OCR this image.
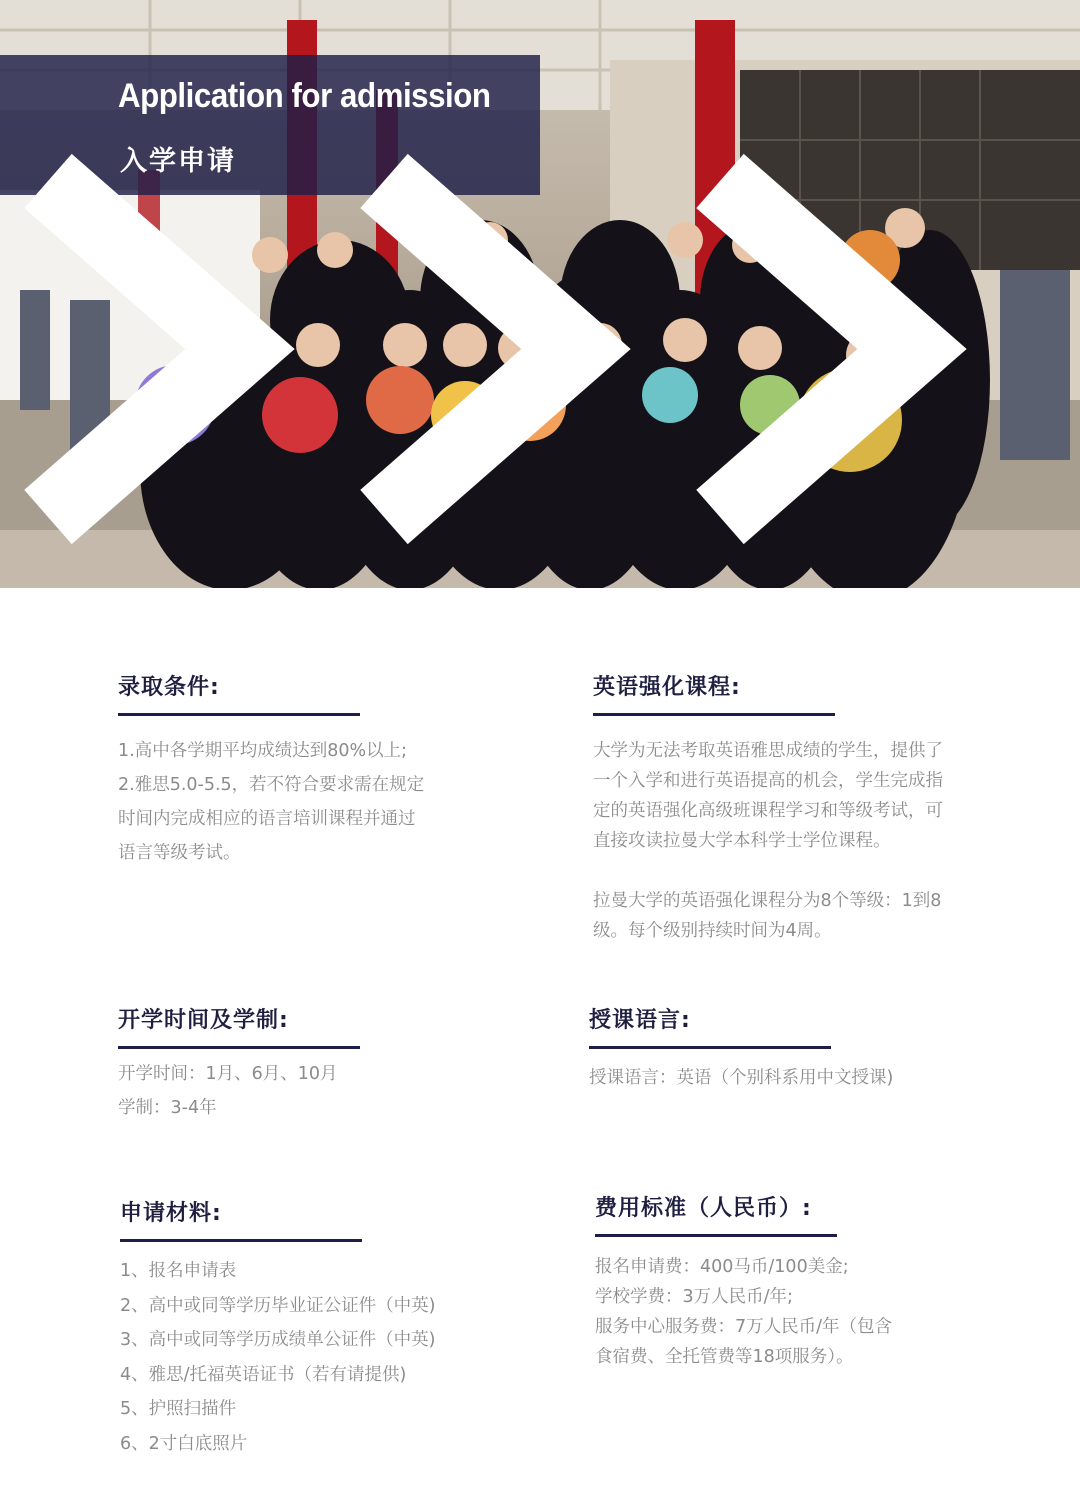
Application for admission
入学申请
录取条件:

1.高中各学期平均成绩达到80%以上;

2.雅思5.0-5.5，若不符合要求需在规定

时间内完成相应的语言培训课程并通过

语言等级考试。

英语强化课程:

大学为无法考取英语雅思成绩的学生，提供了

一个入学和进行英语提高的机会，学生完成指

定的英语强化高级班课程学习和等级考试，可

直接攻读拉曼大学本科学士学位课程。

拉曼大学的英语强化课程分为8个等级：1到8

级。每个级别持续时间为4周。

开学时间及学制:

开学时间：1月、6月、10月

学制：3-4年

授课语言:

授课语言：英语（个别科系用中文授课)

申请材料:
1、报名申请表
2、高中或同等学历毕业证公证件（中英)
3、高中或同等学历成绩单公证件（中英)
4、雅思/托福英语证书（若有请提供)
5、护照扫描件
6、2寸白底照片
费用标准（人民币）:

报名申请费：400马币/100美金;

学校学费：3万人民币/年;

服务中心服务费：7万人民币/年（包含

食宿费、全托管费等18项服务）。
